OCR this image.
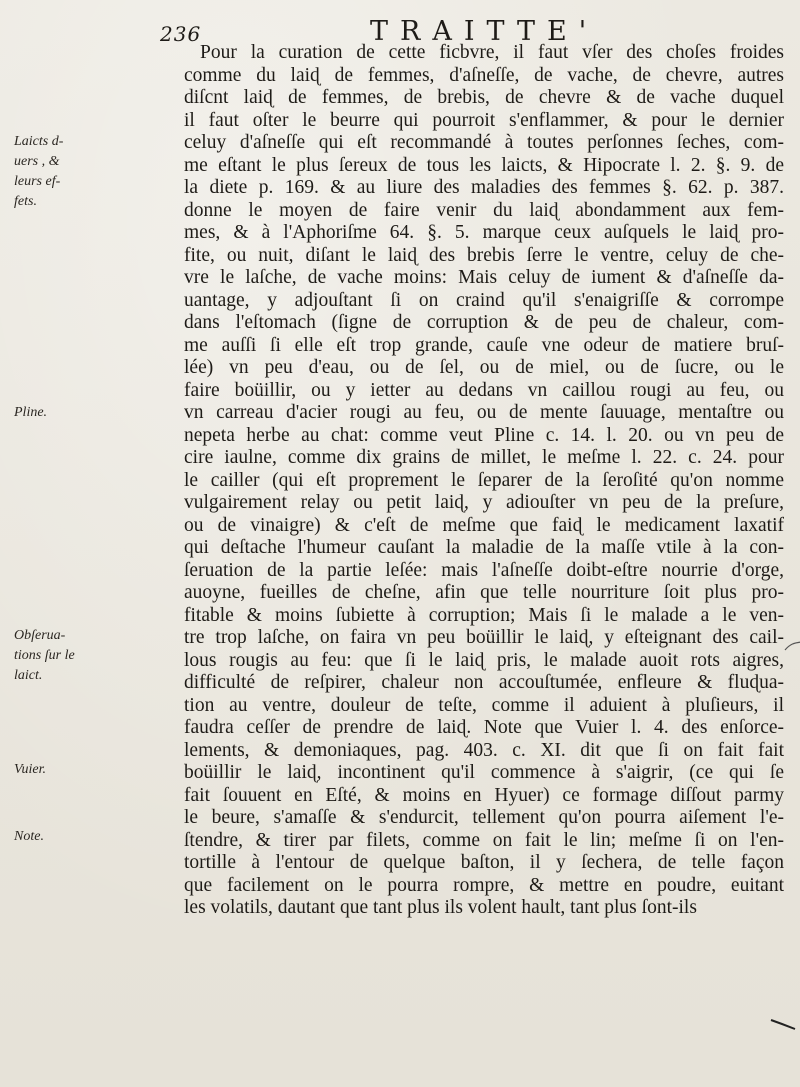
236	TRAITTE'
Laicts d-
uers , &
leurs ef-
fets.
Pline.
Obſerua-
tions ſur le
laict.
Vuier.
Note.
Pour la curation de cette ficbvre, il faut vſer des choſes froides
comme du laiɖ de femmes, d'aſneſſe, de vache, de chevre, autres
diſcnt laiɖ de femmes, de brebis, de chevre & de vache duquel
il faut oſter le beurre qui pourroit s'enflammer, & pour le dernier
celuy d'aſneſſe qui eſt recommandé à toutes perſonnes ſeches, com-
me eſtant le plus ſereux de tous les laicts, & Hipocrate l. 2. §. 9. de
la diete p. 169. & au liure des maladies des femmes §. 62. p. 387.
donne le moyen de faire venir du laiɖ abondamment aux fem-
mes, & à l'Aphoriſme 64. §. 5. marque ceux auſquels le laiɖ pro-
fite, ou nuit, diſant le laiɖ des brebis ſerre le ventre, celuy de che-
vre le laſche, de vache moins: Mais celuy de iument & d'aſneſſe da-
uantage, y adjouſtant ſi on craind qu'il s'enaigriſſe & corrompe
dans l'eſtomach (ſigne de corruption & de peu de chaleur, com-
me auſſi ſi elle eſt trop grande, cauſe vne odeur de matiere bruſ-
lée) vn peu d'eau, ou de ſel, ou de miel, ou de ſucre, ou le
faire boüillir, ou y ietter au dedans vn caillou rougi au feu, ou
vn carreau d'acier rougi au feu, ou de mente ſauuage, mentaſtre ou
nepeta herbe au chat: comme veut Pline c. 14. l. 20. ou vn peu de
cire iaulne, comme dix grains de millet, le meſme l. 22. c. 24. pour
le cailler (qui eſt proprement le ſeparer de la ſeroſité qu'on nomme
vulgairement relay ou petit laiɖ, y adiouſter vn peu de la preſure,
ou de vinaigre) & c'eſt de meſme que faiɖ le medicament laxatif
qui deſtache l'humeur cauſant la maladie de la maſſe vtile à la con-
ſeruation de la partie leſée: mais l'aſneſſe doibt-eſtre nourrie d'orge,
auoyne, fueilles de cheſne, afin que telle nourriture ſoit plus pro-
fitable & moins ſubiette à corruption; Mais ſi le malade a le ven-
tre trop laſche, on faira vn peu boüillir le laiɖ, y eſteignant des cail-
lous rougis au feu: que ſi le laiɖ pris, le malade auoit rots aigres,
difficulté de reſpirer, chaleur non accouſtumée, enfleure & fluɖua-
tion au ventre, douleur de teſte, comme il aduient à pluſieurs, il
faudra ceſſer de prendre de laiɖ. Note que Vuier l. 4. des enſorce-
lements, & demoniaques, pag. 403. c. XI. dit que ſi on fait fait
boüillir le laiɖ, incontinent qu'il commence à s'aigrir, (ce qui ſe
fait ſouuent en Eſté, & moins en Hyuer) ce formage diſſout parmy
le beure, s'amaſſe & s'endurcit, tellement qu'on pourra aiſement l'e-
ſtendre, & tirer par filets, comme on fait le lin; meſme ſi on l'en-
tortille à l'entour de quelque baſton, il y ſechera, de telle façon
que facilement on le pourra rompre, & mettre en poudre, euitant
les volatils, dautant que tant plus ils volent hault, tant plus ſont-ils
